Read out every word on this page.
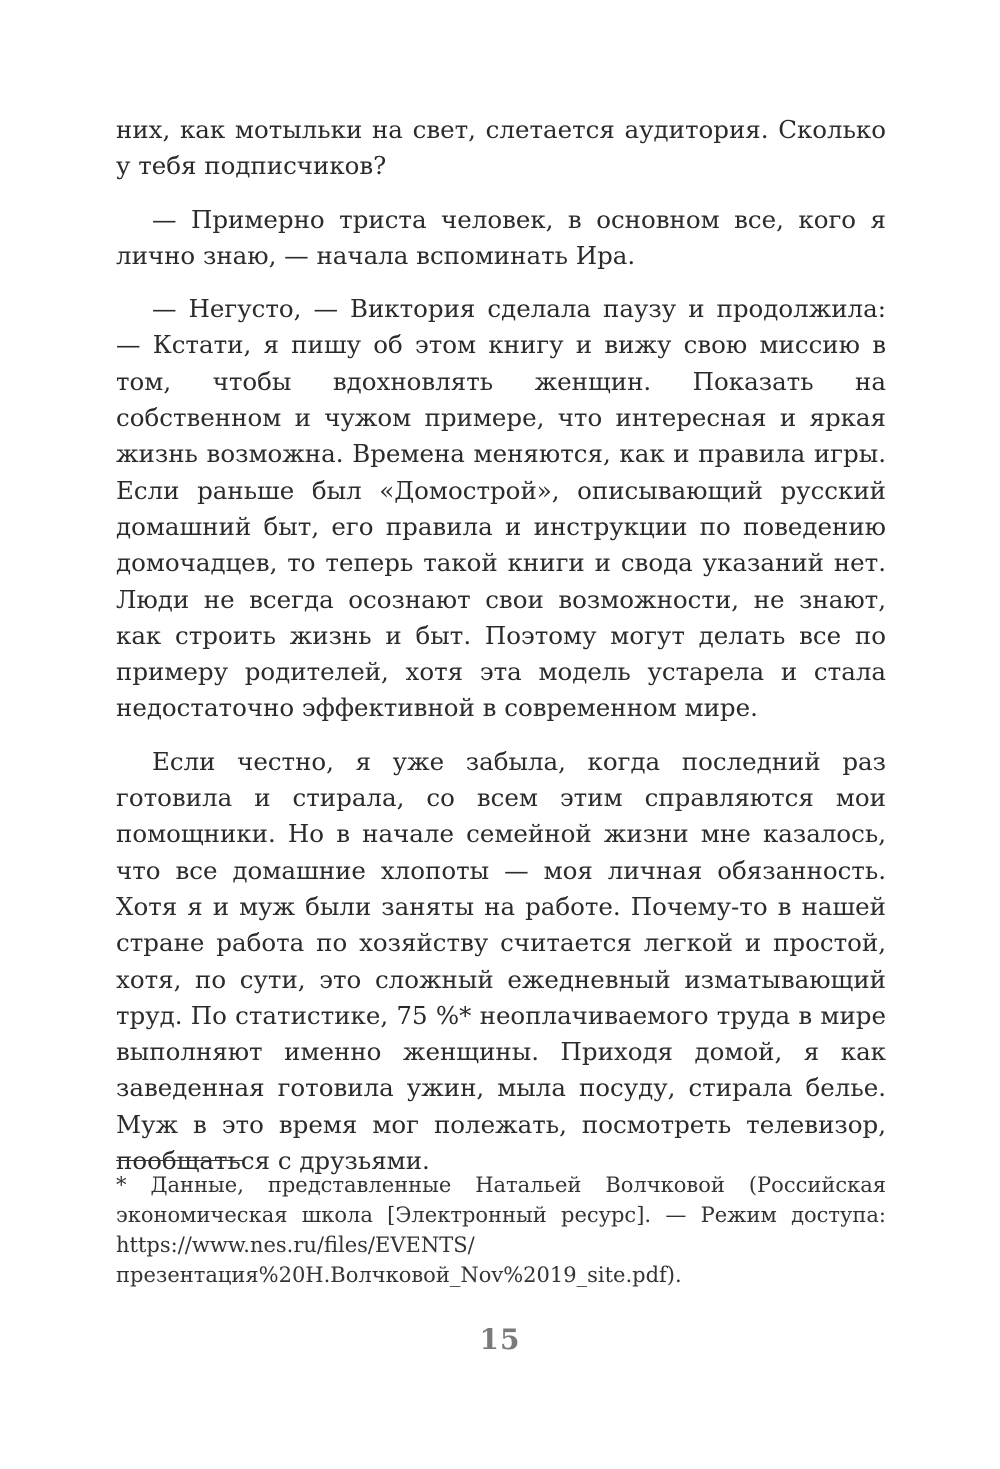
них, как мотыльки на свет, слетается аудитория. Сколько у тебя подписчиков?

— Примерно триста человек, в основном все, кого я лично знаю, — начала вспоминать Ира.

— Негусто, — Виктория сделала паузу и продолжила: — Кстати, я пишу об этом книгу и вижу свою миссию в том, чтобы вдохновлять женщин. Показать на собственном и чужом примере, что интересная и яркая жизнь возможна. Времена меняются, как и правила игры. Если раньше был «Домострой», описывающий русский домашний быт, его правила и инструкции по поведению домочадцев, то теперь такой книги и свода указаний нет. Люди не всегда осознают свои возможности, не знают, как строить жизнь и быт. Поэтому могут делать все по примеру родителей, хотя эта модель устарела и стала недостаточно эффективной в современном мире.

Если честно, я уже забыла, когда последний раз готовила и стирала, со всем этим справляются мои помощники. Но в начале семейной жизни мне казалось, что все домашние хлопоты — моя личная обязанность. Хотя я и муж были заняты на работе. Почему-то в нашей стране работа по хозяйству считается легкой и простой, хотя, по сути, это сложный ежедневный изматывающий труд. По статистике, 75 %* неоплачиваемого труда в мире выполняют именно женщины. Приходя домой, я как заведенная готовила ужин, мыла посуду, стирала белье. Муж в это время мог полежать, посмотреть телевизор, пообщаться с друзьями.

* Данные, представленные Натальей Волчковой (Российская экономическая школа [Электронный ресурс]. — Режим доступа: https://www.nes.ru/files/EVENTS/презентация%20Н.Волчковой_Nov%2019_site.pdf).

15
